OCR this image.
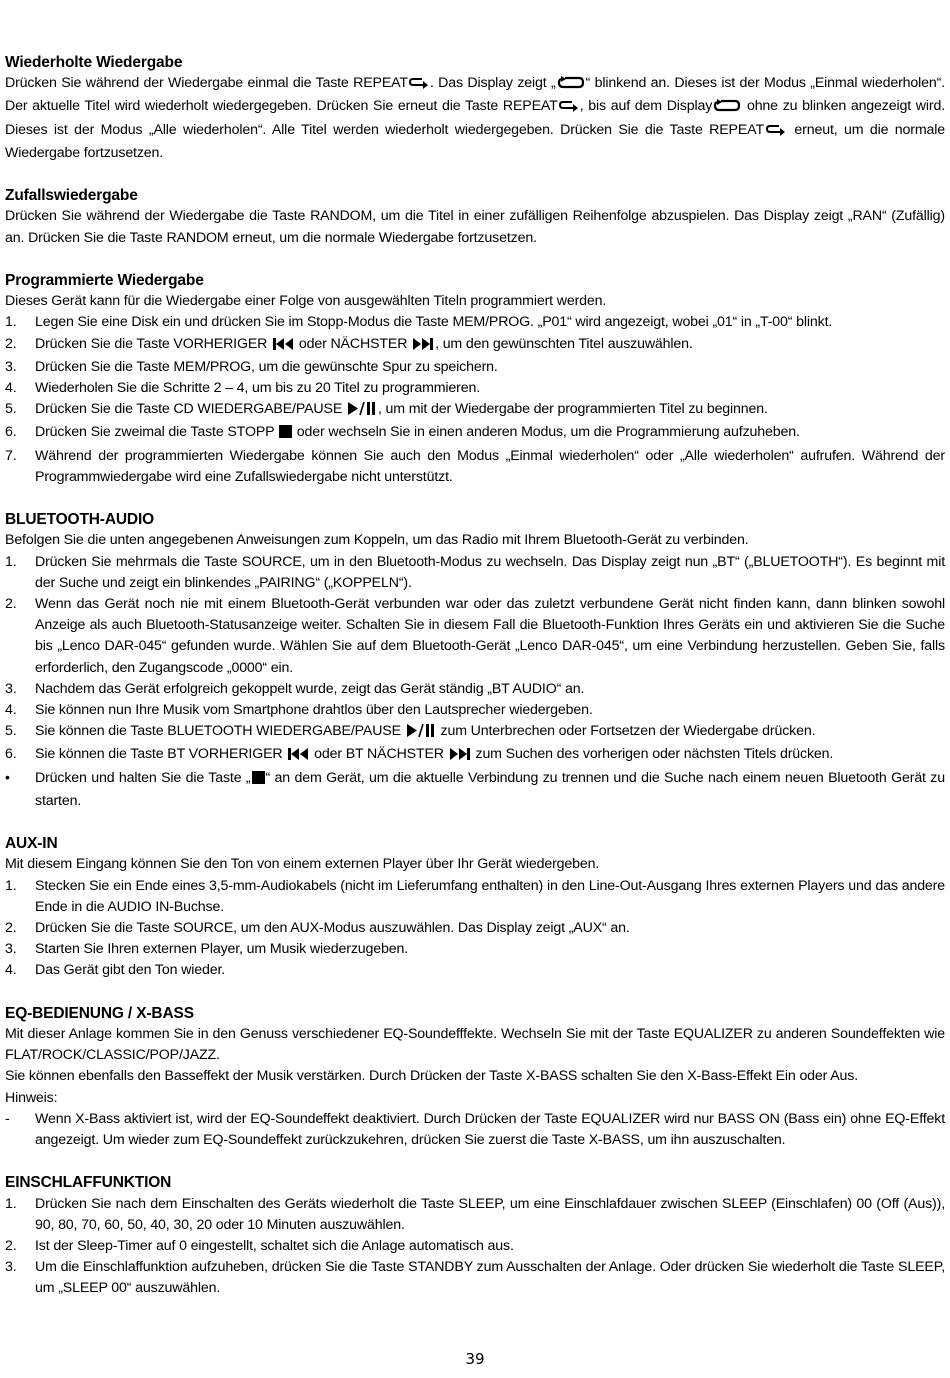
Wiederholte Wiedergabe

Drücken Sie während der Wiedergabe einmal die Taste REPEAT . Das Display zeigt „ “ blinkend an. Dieses ist der Modus „Einmal wiederholen“. Der aktuelle Titel wird wiederholt wiedergegeben. Drücken Sie erneut die Taste REPEAT , bis auf dem Display ohne zu blinken angezeigt wird. Dieses ist der Modus „Alle wiederholen“. Alle Titel werden wiederholt wiedergegeben. Drücken Sie die Taste REPEAT erneut, um die normale Wiedergabe fortzusetzen.

Zufallswiedergabe

Drücken Sie während der Wiedergabe die Taste RANDOM, um die Titel in einer zufälligen Reihenfolge abzuspielen. Das Display zeigt „RAN“ (Zufällig) an. Drücken Sie die Taste RANDOM erneut, um die normale Wiedergabe fortzusetzen.

Programmierte Wiedergabe

Dieses Gerät kann für die Wiedergabe einer Folge von ausgewählten Titeln programmiert werden.

1.	Legen Sie eine Disk ein und drücken Sie im Stopp-Modus die Taste MEM/PROG. „P01“ wird angezeigt, wobei „01“ in „T-00“ blinkt.
2.	Drücken Sie die Taste VORHERIGER oder NÄCHSTER , um den gewünschten Titel auszuwählen.
3.	Drücken Sie die Taste MEM/PROG, um die gewünschte Spur zu speichern.
4.	Wiederholen Sie die Schritte 2 – 4, um bis zu 20 Titel zu programmieren.
5.	Drücken Sie die Taste CD WIEDERGABE/PAUSE	, um mit der Wiedergabe der programmierten Titel zu beginnen.
6.	Drücken Sie zweimal die Taste STOPP oder wechseln Sie in einen anderen Modus, um die Programmierung aufzuheben.
7.	Während der programmierten Wiedergabe können Sie auch den Modus „Einmal wiederholen“ oder „Alle wiederholen“ aufrufen. Während der Programmwiedergabe wird eine Zufallswiedergabe nicht unterstützt.
BLUETOOTH-AUDIO

Befolgen Sie die unten angegebenen Anweisungen zum Koppeln, um das Radio mit Ihrem Bluetooth-Gerät zu verbinden.

1.	Drücken Sie mehrmals die Taste SOURCE, um in den Bluetooth-Modus zu wechseln. Das Display zeigt nun „BT“ („BLUETOOTH“). Es beginnt mit der Suche und zeigt ein blinkendes „PAIRING“ („KOPPELN“).
2.	Wenn das Gerät noch nie mit einem Bluetooth-Gerät verbunden war oder das zuletzt verbundene Gerät nicht finden kann, dann blinken sowohl Anzeige als auch Bluetooth-Statusanzeige weiter. Schalten Sie in diesem Fall die Bluetooth-Funktion Ihres Geräts ein und aktivieren Sie die Suche bis „Lenco DAR-045“ gefunden wurde. Wählen Sie auf dem Bluetooth-Gerät „Lenco DAR-045“, um eine Verbindung herzustellen. Geben Sie, falls erforderlich, den Zugangscode „0000“ ein.
3.	Nachdem das Gerät erfolgreich gekoppelt wurde, zeigt das Gerät ständig „BT AUDIO“ an.
4.	Sie können nun Ihre Musik vom Smartphone drahtlos über den Lautsprecher wiedergeben.
5.	Sie können die Taste BLUETOOTH WIEDERGABE/PAUSE	zum Unterbrechen oder Fortsetzen der Wiedergabe drücken.
6.	Sie können die Taste BT VORHERIGER oder BT NÄCHSTER zum Suchen des vorherigen oder nächsten Titels drücken.
•	Drücken und halten Sie die Taste „ “ an dem Gerät, um die aktuelle Verbindung zu trennen und die Suche nach einem neuen Bluetooth Gerät zu starten.
AUX-IN

Mit diesem Eingang können Sie den Ton von einem externen Player über Ihr Gerät wiedergeben.

1.	Stecken Sie ein Ende eines 3,5-mm-Audiokabels (nicht im Lieferumfang enthalten) in den Line-Out-Ausgang Ihres externen Players und das andere Ende in die AUDIO IN-Buchse.
2.	Drücken Sie die Taste SOURCE, um den AUX-Modus auszuwählen. Das Display zeigt „AUX“ an.
3.	Starten Sie Ihren externen Player, um Musik wiederzugeben.
4.	Das Gerät gibt den Ton wieder.
EQ-BEDIENUNG / X-BASS

Mit dieser Anlage kommen Sie in den Genuss verschiedener EQ-Soundefffekte. Wechseln Sie mit der Taste EQUALIZER zu anderen Soundeffekten wie FLAT/ROCK/CLASSIC/POP/JAZZ.

Sie können ebenfalls den Basseffekt der Musik verstärken. Durch Drücken der Taste X-BASS schalten Sie den X-Bass-Effekt Ein oder Aus.

Hinweis:

-	Wenn X-Bass aktiviert ist, wird der EQ-Soundeffekt deaktiviert. Durch Drücken der Taste EQUALIZER wird nur BASS ON (Bass ein) ohne EQ-Effekt angezeigt. Um wieder zum EQ-Soundeffekt zurückzukehren, drücken Sie zuerst die Taste X-BASS, um ihn auszuschalten.
EINSCHLAFFUNKTION
1.	Drücken Sie nach dem Einschalten des Geräts wiederholt die Taste SLEEP, um eine Einschlafdauer zwischen SLEEP (Einschlafen) 00 (Off (Aus)), 90, 80, 70, 60, 50, 40, 30, 20 oder 10 Minuten auszuwählen.
2.	Ist der Sleep-Timer auf 0 eingestellt, schaltet sich die Anlage automatisch aus.
3.	Um die Einschlaffunktion aufzuheben, drücken Sie die Taste STANDBY zum Ausschalten der Anlage. Oder drücken Sie wiederholt die Taste SLEEP, um „SLEEP 00“ auszuwählen.
39
